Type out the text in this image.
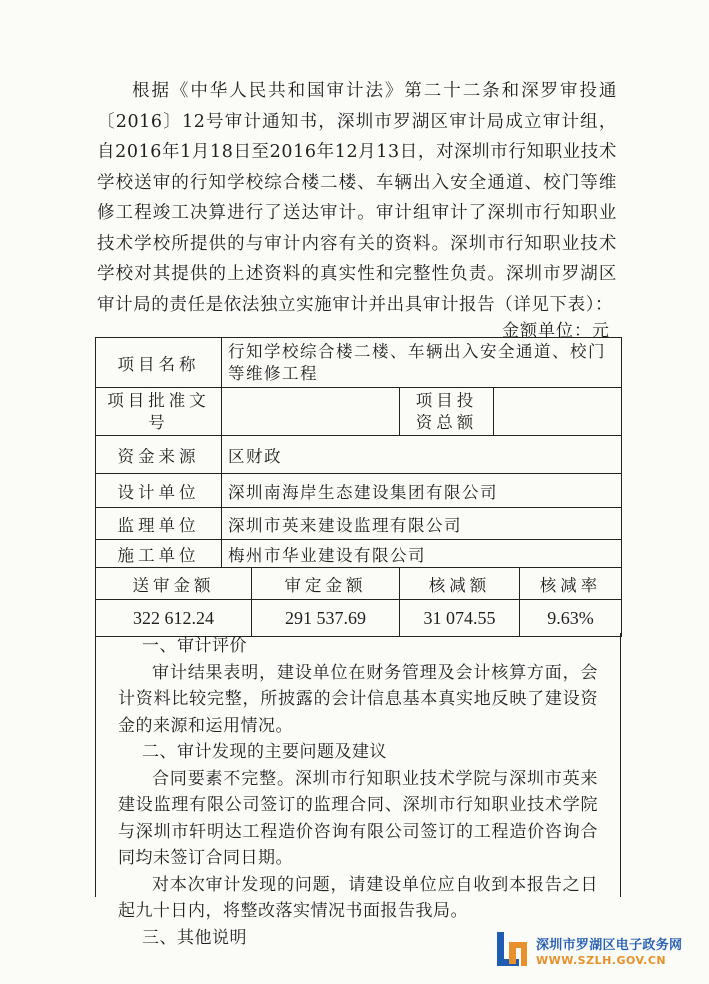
根据《中华人民共和国审计法》第二十二条和深罗审投通〔2016〕12号审计通知书，深圳市罗湖区审计局成立审计组，自2016年1月18日至2016年12月13日，对深圳市行知职业技术学校送审的行知学校综合楼二楼、车辆出入安全通道、校门等维修工程竣工决算进行了送达审计。审计组审计了深圳市行知职业技术学校所提供的与审计内容有关的资料。深圳市行知职业技术学校对其提供的上述资料的真实性和完整性负责。深圳市罗湖区审计局的责任是依法独立实施审计并出具审计报告（详见下表）：

金额单位：元
项目名称	行知学校综合楼二楼、车辆出入安全通道、校门等维修工程		
项目批准文号		项目投资总额	
资金来源	区财政		
设计单位	深圳南海岸生态建设集团有限公司		
监理单位	深圳市英来建设监理有限公司		
施工单位	梅州市华业建设有限公司		
送审金额	审定金额	核减额	核减率
322 612.24	291 537.69	31 074.55	9.63%

一、审计评价

审计结果表明，建设单位在财务管理及会计核算方面，会计资料比较完整，所披露的会计信息基本真实地反映了建设资金的来源和运用情况。

二、审计发现的主要问题及建议

合同要素不完整。深圳市行知职业技术学院与深圳市英来建设监理有限公司签订的监理合同、深圳市行知职业技术学院与深圳市轩明达工程造价咨询有限公司签订的工程造价咨询合同均未签订合同日期。

对本次审计发现的问题，请建设单位应自收到本报告之日起九十日内，将整改落实情况书面报告我局。

三、其他说明	深圳市罗湖区电子政务网
WWW.SZLH.GOV.CN
